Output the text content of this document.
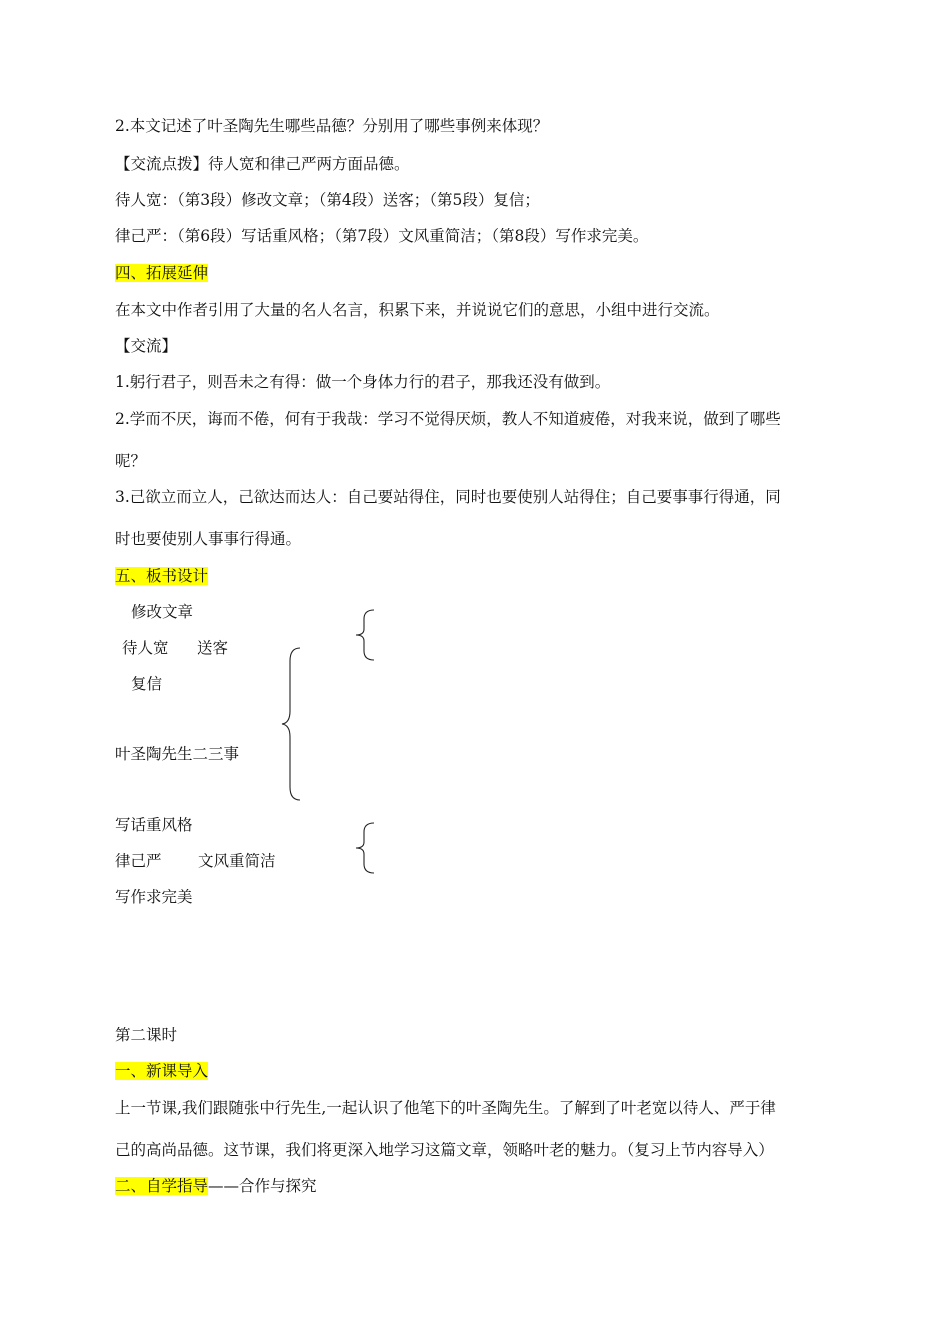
2.本文记述了叶圣陶先生哪些品德？分别用了哪些事例来体现？
【交流点拨】待人宽和律己严两方面品德。
待人宽：（第3段）修改文章；（第4段）送客；（第5段）复信；
律己严：（第6段）写话重风格；（第7段）文风重简洁；（第8段）写作求完美。
四、拓展延伸
在本文中作者引用了大量的名人名言，积累下来，并说说它们的意思，小组中进行交流。
【交流】
1.躬行君子，则吾未之有得：做一个身体力行的君子，那我还没有做到。
2.学而不厌，诲而不倦，何有于我哉：学习不觉得厌烦，教人不知道疲倦，对我来说，做到了哪些
呢？
3.己欲立而立人，己欲达而达人：自己要站得住，同时也要使别人站得住；自己要事事行得通，同
时也要使别人事事行得通。
五、板书设计
修改文章
待人宽 送客
复信
叶圣陶先生二三事
写话重风格
律己严 文风重简洁
写作求完美
第二课时
一、新课导入
上一节课,我们跟随张中行先生,一起认识了他笔下的叶圣陶先生。了解到了叶老宽以待人、严于律
己的高尚品德。这节课，我们将更深入地学习这篇文章，领略叶老的魅力。（复习上节内容导入）
二、自学指导——合作与探究
